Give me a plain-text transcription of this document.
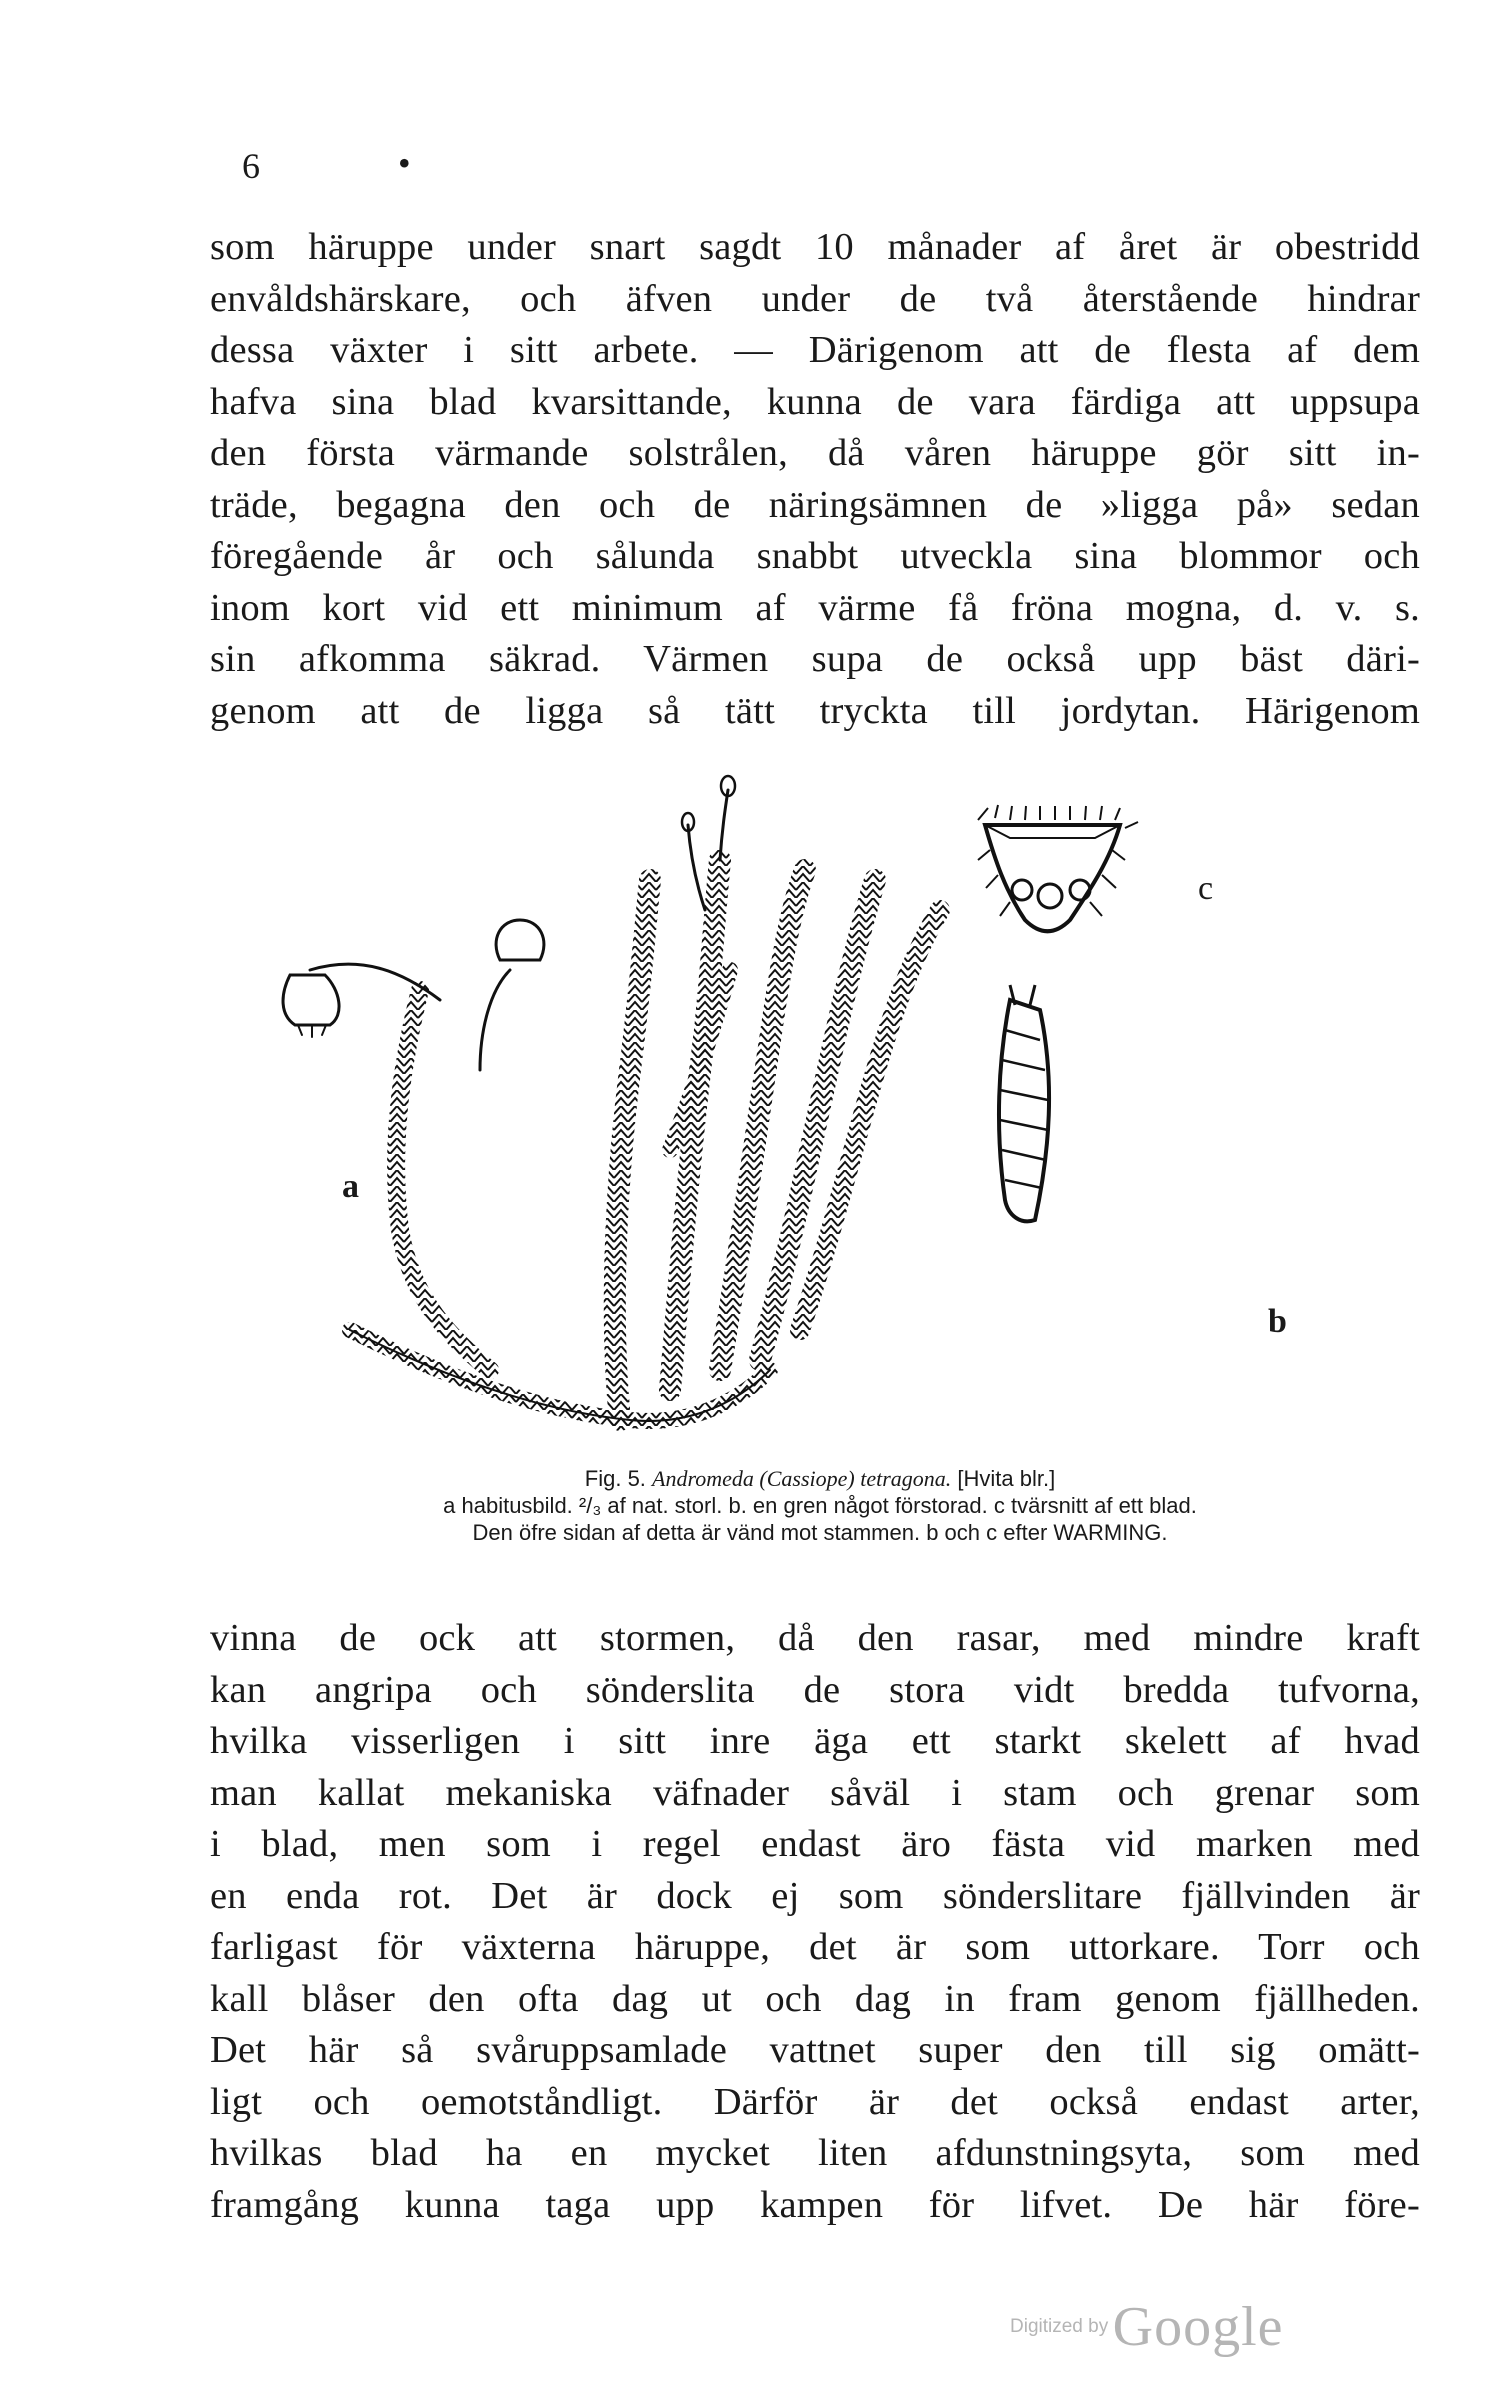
6	•
som häruppe under snart sagdt 10 månader af året är obestridd
envåldshärskare, och äfven under de två återstående hindrar
dessa växter i sitt arbete. — Därigenom att de flesta af dem
hafva sina blad kvarsittande, kunna de vara färdiga att uppsupa
den första värmande solstrålen, då våren häruppe gör sitt in-
träde, begagna den och de näringsämnen de »ligga på» sedan
föregående år och sålunda snabbt utveckla sina blommor och
inom kort vid ett minimum af värme få fröna mogna, d. v. s.
sin afkomma säkrad. Värmen supa de också upp bäst däri-
genom att de ligga så tätt tryckta till jordytan. Härigenom
a
b
c
Fig. 5. Andromeda (Cassiope) tetragona. [Hvita blr.]
a habitusbild. ²/₃ af nat. storl. b. en gren något förstorad. c tvärsnitt af ett blad.
Den öfre sidan af detta är vänd mot stammen. b och c efter WARMING.
vinna de ock att stormen, då den rasar, med mindre kraft
kan angripa och sönderslita de stora vidt bredda tufvorna,
hvilka visserligen i sitt inre äga ett starkt skelett af hvad
man kallat mekaniska väfnader såväl i stam och grenar som
i blad, men som i regel endast äro fästa vid marken med
en enda rot. Det är dock ej som sönderslitare fjällvinden är
farligast för växterna häruppe, det är som uttorkare. Torr och
kall blåser den ofta dag ut och dag in fram genom fjällheden.
Det här så svåruppsamlade vattnet super den till sig omätt-
ligt och oemotståndligt. Därför är det också endast arter,
hvilkas blad ha en mycket liten afdunstningsyta, som med
framgång kunna taga upp kampen för lifvet. De här före-
Digitized by Google
